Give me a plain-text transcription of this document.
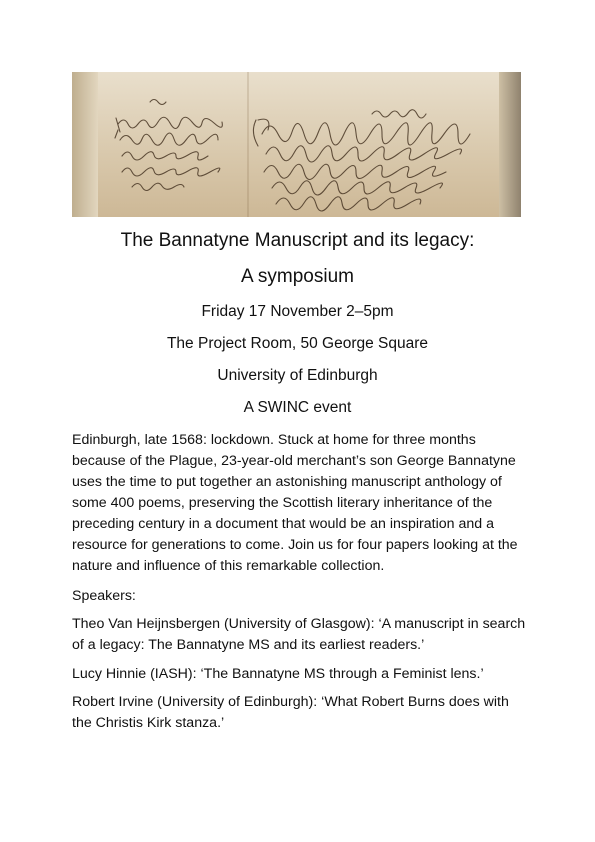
The Bannatyne Manuscript and its legacy:
A symposium

Friday 17 November 2–5pm

The Project Room, 50 George Square

University of Edinburgh

A SWINC event

Edinburgh, late 1568: lockdown. Stuck at home for three months because of the Plague, 23-year-old merchant’s son George Bannatyne uses the time to put together an astonishing manuscript anthology of some 400 poems, preserving the Scottish literary inheritance of the preceding century in a document that would be an inspiration and a resource for generations to come. Join us for four papers looking at the nature and influence of this remarkable collection.

Speakers:

Theo Van Heijnsbergen (University of Glasgow): ‘A manuscript in search of a legacy: The Bannatyne MS and its earliest readers.’

Lucy Hinnie (IASH): ‘The Bannatyne MS through a Feminist lens.’

Robert Irvine (University of Edinburgh): ‘What Robert Burns does with the Christis Kirk stanza.’
